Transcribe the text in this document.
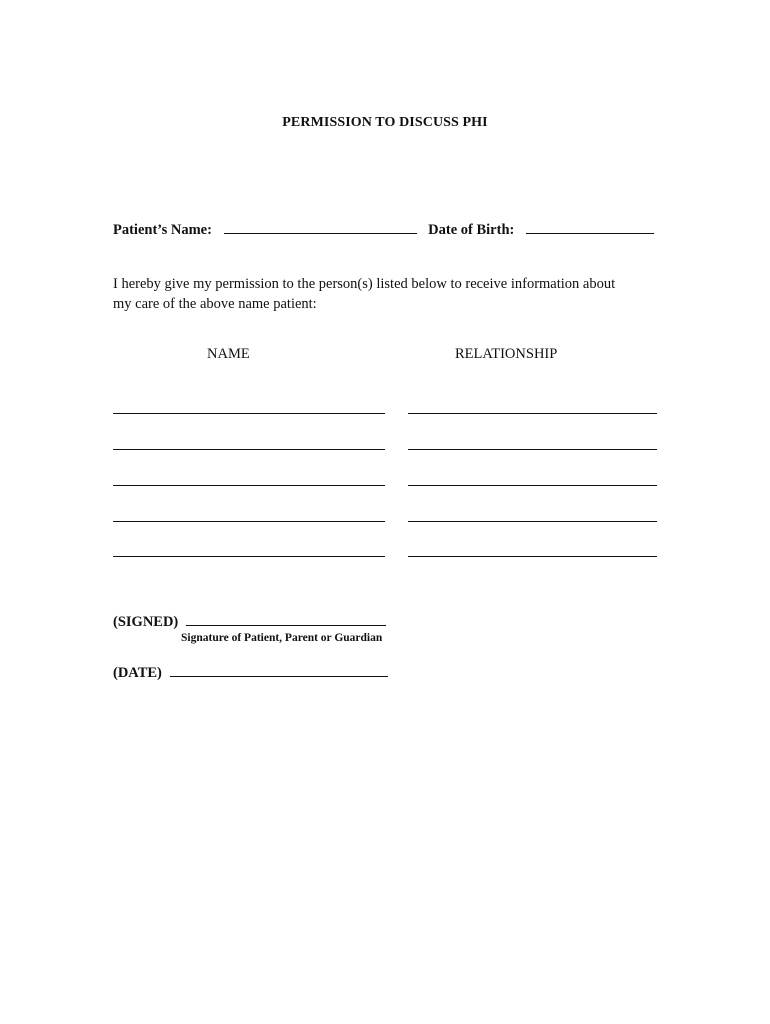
PERMISSION TO DISCUSS PHI
Patient’s Name:	Date of Birth:
I hereby give my permission to the person(s) listed below to receive information about
my care of the above name patient:
NAME	RELATIONSHIP
(SIGNED)
Signature of Patient, Parent or Guardian
(DATE)
